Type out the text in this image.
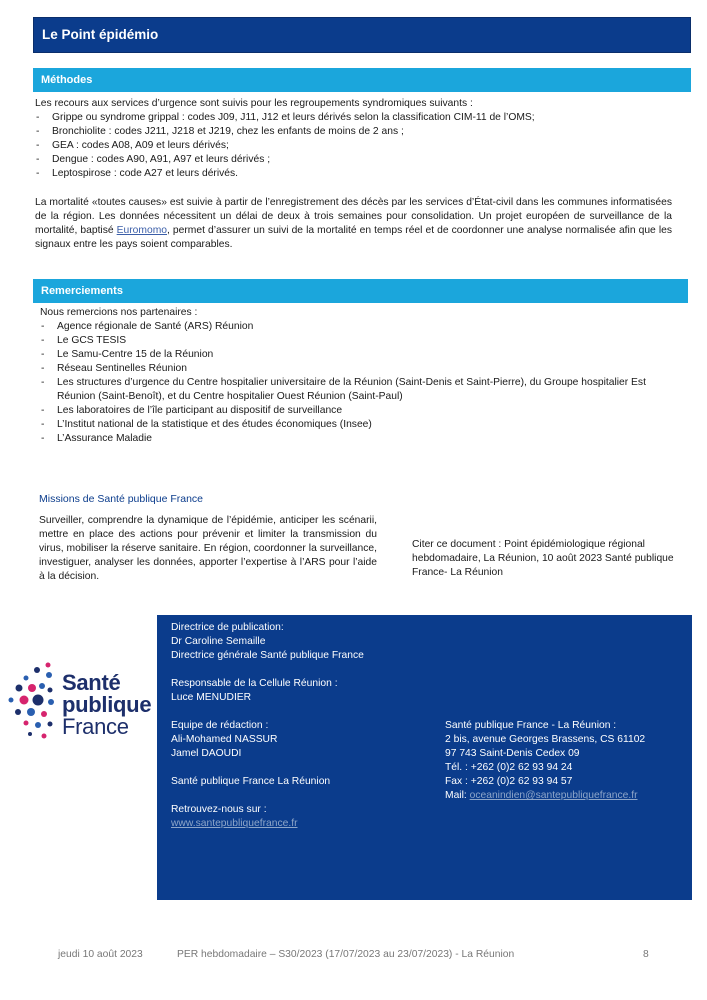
Le Point épidémio
Méthodes
Les recours aux services d’urgence sont suivis pour les regroupements syndromiques suivants :
- Grippe ou syndrome grippal : codes J09, J11, J12 et leurs dérivés selon la classification CIM-11 de l’OMS;
- Bronchiolite : codes J211, J218 et J219, chez les enfants de moins de 2 ans ;
- GEA : codes A08, A09 et leurs dérivés;
- Dengue : codes A90, A91, A97 et leurs dérivés ;
- Leptospirose : code A27 et leurs dérivés.
La mortalité «toutes causes» est suivie à partir de l’enregistrement des décès par les services d’État-civil dans les communes informatisées de la région. Les données nécessitent un délai de deux à trois semaines pour consolidation. Un projet européen de surveillance de la mortalité, baptisé Euromomo, permet d’assurer un suivi de la mortalité en temps réel et de coordonner une analyse normalisée afin que les signaux entre les pays soient comparables.
Remerciements
Nous remercions nos partenaires :
- Agence régionale de Santé (ARS) Réunion
- Le GCS TESIS
- Le Samu-Centre 15 de la Réunion
- Réseau Sentinelles Réunion
- Les structures d’urgence du Centre hospitalier universitaire de la Réunion (Saint-Denis et Saint-Pierre), du Groupe hospitalier Est Réunion (Saint-Benoît), et du Centre hospitalier Ouest Réunion (Saint-Paul)
- Les laboratoires de l’île participant au dispositif de surveillance
- L’Institut national de la statistique et des études économiques (Insee)
- L’Assurance Maladie
Missions de Santé publique France
Surveiller, comprendre la dynamique de l’épidémie, anticiper les scénarii, mettre en place des actions pour prévenir et limiter la transmission du virus, mobiliser la réserve sanitaire. En région, coordonner la surveillance, investiguer, analyser les données, apporter l’expertise à l’ARS pour l’aide à la décision.
Citer ce document : Point épidémiologique régional hebdomadaire, La Réunion, 10 août 2023 Santé publique France- La Réunion
Santé
publique
France
Directrice de publication:
Dr Caroline Semaille
Directrice générale Santé publique France
Responsable de la Cellule Réunion :
Luce MENUDIER
Equipe de rédaction :
Ali-Mohamed NASSUR
Jamel DAOUDI
Santé publique France La Réunion
Retrouvez-nous sur :
www.santepubliquefrance.fr
Santé publique France - La Réunion :
2 bis, avenue Georges Brassens, CS 61102
97 743 Saint-Denis Cedex 09
Tél. : +262 (0)2 62 93 94 24
Fax : +262 (0)2 62 93 94 57
Mail: oceanindien@santepubliquefrance.fr
jeudi 10 août 2023	PER hebdomadaire – S30/2023 (17/07/2023 au 23/07/2023) - La Réunion	8
